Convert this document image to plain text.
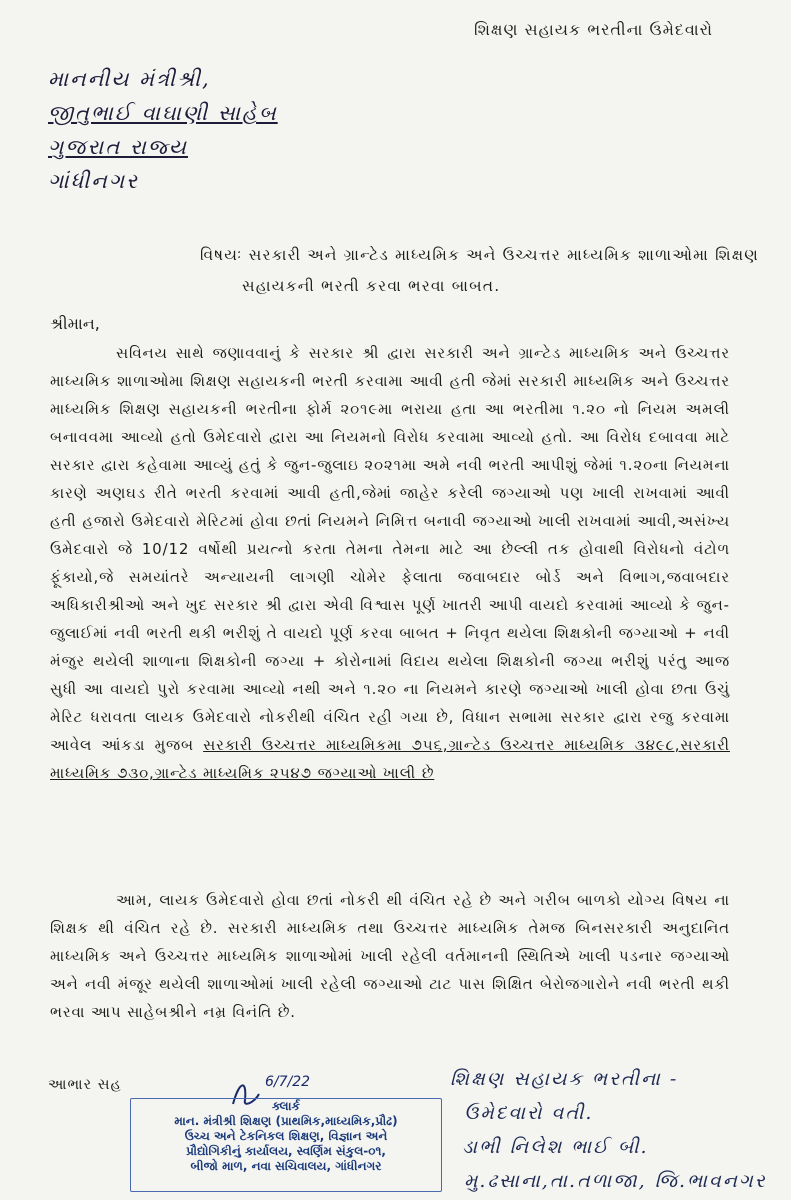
શિક્ષણ સહાયક ભરતીના ઉમેદવારો
માનનીય મંત્રીશ્રી,
જીતુભાઈ વાઘાણી સાહેબ
ગુજરાત રાજ્ય
ગાંધીનગર
વિષયઃ સરકારી અને ગ્રાન્ટેડ માધ્યમિક અને ઉચ્ચત્તર માધ્યમિક શાળાઓમા શિક્ષણ
સહાયકની ભરતી કરવા ભરવા બાબત.
શ્રીમાન,
સવિનય સાથે જણાવવાનું કે સરકાર શ્રી દ્વારા સરકારી અને ગ્રાન્ટેડ માધ્યમિક અને ઉચ્ચત્તર માધ્યમિક શાળાઓમા શિક્ષણ સહાયકની ભરતી કરવામા આવી હતી જેમાં સરકારી માધ્યમિક અને ઉચ્ચત્તર માધ્યમિક શિક્ષણ સહાયકની ભરતીના ફોર્મ ૨૦૧૯મા ભરાયા હતા આ ભરતીમા ૧.૨૦ નો નિયમ અમલી બનાવવમા આવ્યો હતો ઉમેદવારો દ્વારા આ નિયમનો વિરોધ કરવામા આવ્યો હતો. આ વિરોધ દબાવવા માટે સરકાર દ્વારા કહેવામા આવ્યું હતું કે જુન-જુલાઇ ૨૦૨૧મા અમે નવી ભરતી આપીશું જેમાં ૧.૨૦ના નિયમના કારણે અણઘડ રીતે ભરતી કરવામાં આવી હતી,જેમાં જાહેર કરેલી જગ્યાઓ પણ ખાલી રાખવામાં આવી હતી હજારો ઉમેદવારો મેરિટમાં હોવા છતાં નિયમને નિમિત્ત બનાવી જગ્યાઓ ખાલી રાખવામાં આવી,અસંખ્ય ઉમેદવારો જે 10/12 વર્ષોથી પ્રયત્નો કરતા તેમના તેમના માટે આ છેલ્લી તક હોવાથી વિરોધનો વંટોળ ફૂંકાયો,જે સમયાંતરે અન્યાયની લાગણી ચોમેર ફેલાતા જવાબદાર બોર્ડ અને વિભાગ,જવાબદાર અધિકારીશ્રીઓ અને ખુદ સરકાર શ્રી દ્વારા એવી વિશ્વાસ પૂર્ણ ખાતરી આપી વાયદો કરવામાં આવ્યો કે જુન-જુલાઈમાં નવી ભરતી થકી ભરીશું તે વાયદો પૂર્ણ કરવા બાબત + નિવૃત થયેલા શિક્ષકોની જગ્યાઓ + નવી મંજુર થયેલી શાળાના શિક્ષકોની જગ્યા + કોરોનામાં વિદાય થયેલા શિક્ષકોની જગ્યા ભરીશું પરંતુ આજ સુધી આ વાયદો પુરો કરવામા આવ્યો નથી અને ૧.૨૦ ના નિયમને કારણે જગ્યાઓ ખાલી હોવા છતા ઉચું મેરિટ ધરાવતા લાયક ઉમેદવારો નોકરીથી વંચિત રહી ગયા છે, વિધાન સભામા સરકાર દ્વારા રજુ કરવામા આવેલ આંકડા મુજબ સરકારી ઉચ્ચત્તર માધ્યમિકમા ૭૫૬,ગ્રાન્ટેડ ઉચ્ચત્તર માધ્યમિક ૩૪૯૮,સરકારી માધ્યમિક ૭૩૦,ગ્રાન્ટેડ માધ્યમિક ૨૫૪૭ જગ્યાઓ ખાલી છે
આમ, લાયક ઉમેદવારો હોવા છતાં નોકરી થી વંચિત રહે છે અને ગરીબ બાળકો યોગ્ય વિષય ના શિક્ષક થી વંચિત રહે છે. સરકારી માધ્યમિક તથા ઉચ્ચત્તર માધ્યમિક તેમજ બિનસરકારી અનુદાનિત માધ્યમિક અને ઉચ્ચત્તર માધ્યમિક શાળાઓમાં ખાલી રહેલી વર્તમાનની સ્થિતિએ ખાલી પડનાર જગ્યાઓ અને નવી મંજૂર થયેલી શાળાઓમાં ખાલી રહેલી જગ્યાઓ ટાટ પાસ શિક્ષિત બેરોજગારોને નવી ભરતી થકી ભરવા આપ સાહેબશ્રીને નમ્ર વિનંતિ છે.
આભાર સહ	6/7/22
ક્લાર્ક
માન. મંત્રીશ્રી શિક્ષણ (પ્રાથમિક,માધ્યમિક,પ્રૌઢ)
ઉચ્ચ અને ટેકનિકલ શિક્ષણ, વિજ્ઞાન અને
પ્રૌદ્યોગિકીનું કાર્યાલય, સ્વર્ણિમ સંકુલ-૦૧,
બીજો માળ, નવા સચિવાલય, ગાંધીનગર
શિક્ષણ સહાયક ભરતીના -
ઉમેદવારો વતી.
ડાભી નિલેશ ભાઈ બી.
મુ.ઢસાના,તા.તળાજા, જિ.ભાવનગર
